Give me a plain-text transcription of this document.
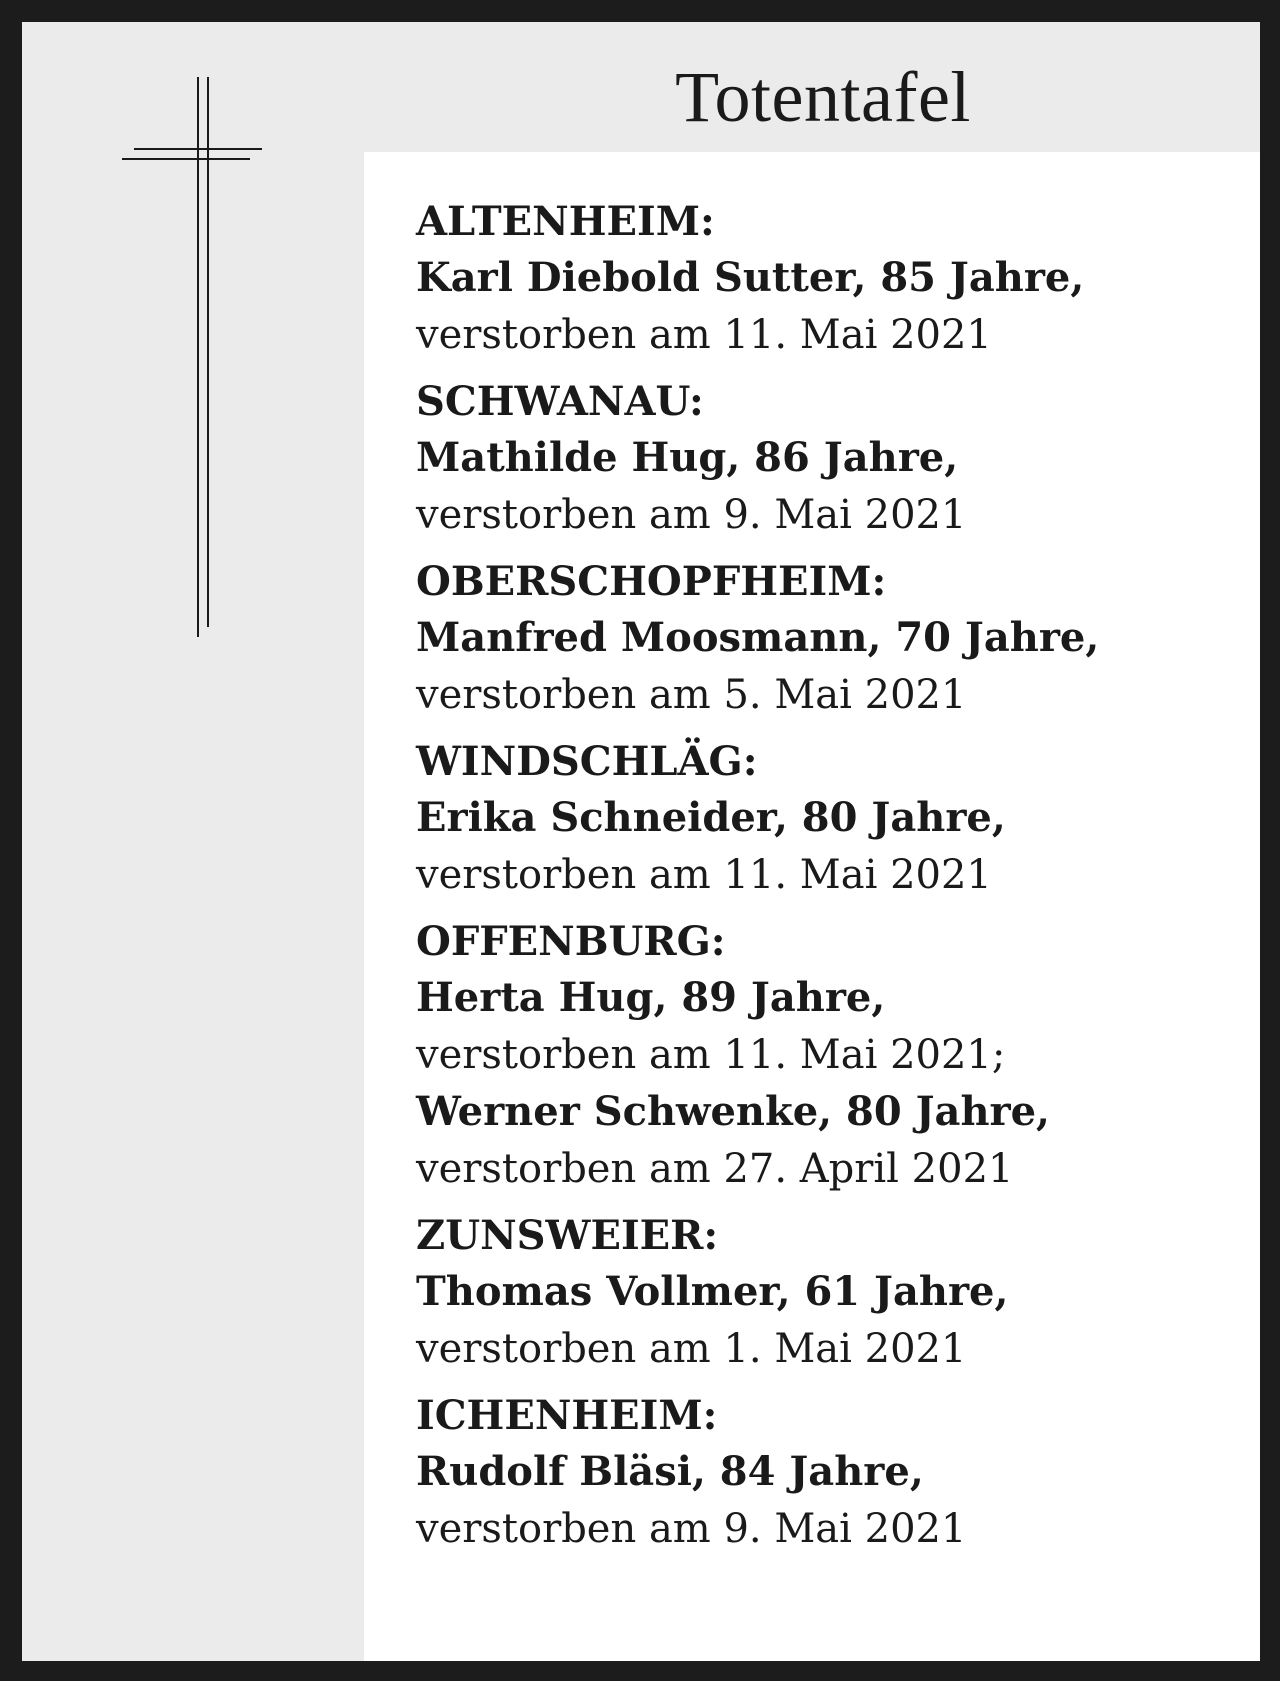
Totentafel
ALTENHEIM:
Karl Diebold Sutter, 85 Jahre,
verstorben am 11. Mai 2021
SCHWANAU:
Mathilde Hug, 86 Jahre,
verstorben am 9. Mai 2021
OBERSCHOPFHEIM:
Manfred Moosmann, 70 Jahre,
verstorben am 5. Mai 2021
WINDSCHLÄG:
Erika Schneider, 80 Jahre,
verstorben am 11. Mai 2021
OFFENBURG:
Herta Hug, 89 Jahre,
verstorben am 11. Mai 2021;
Werner Schwenke, 80 Jahre,
verstorben am 27. April 2021
ZUNSWEIER:
Thomas Vollmer, 61 Jahre,
verstorben am 1. Mai 2021
ICHENHEIM:
Rudolf Bläsi, 84 Jahre,
verstorben am 9. Mai 2021
